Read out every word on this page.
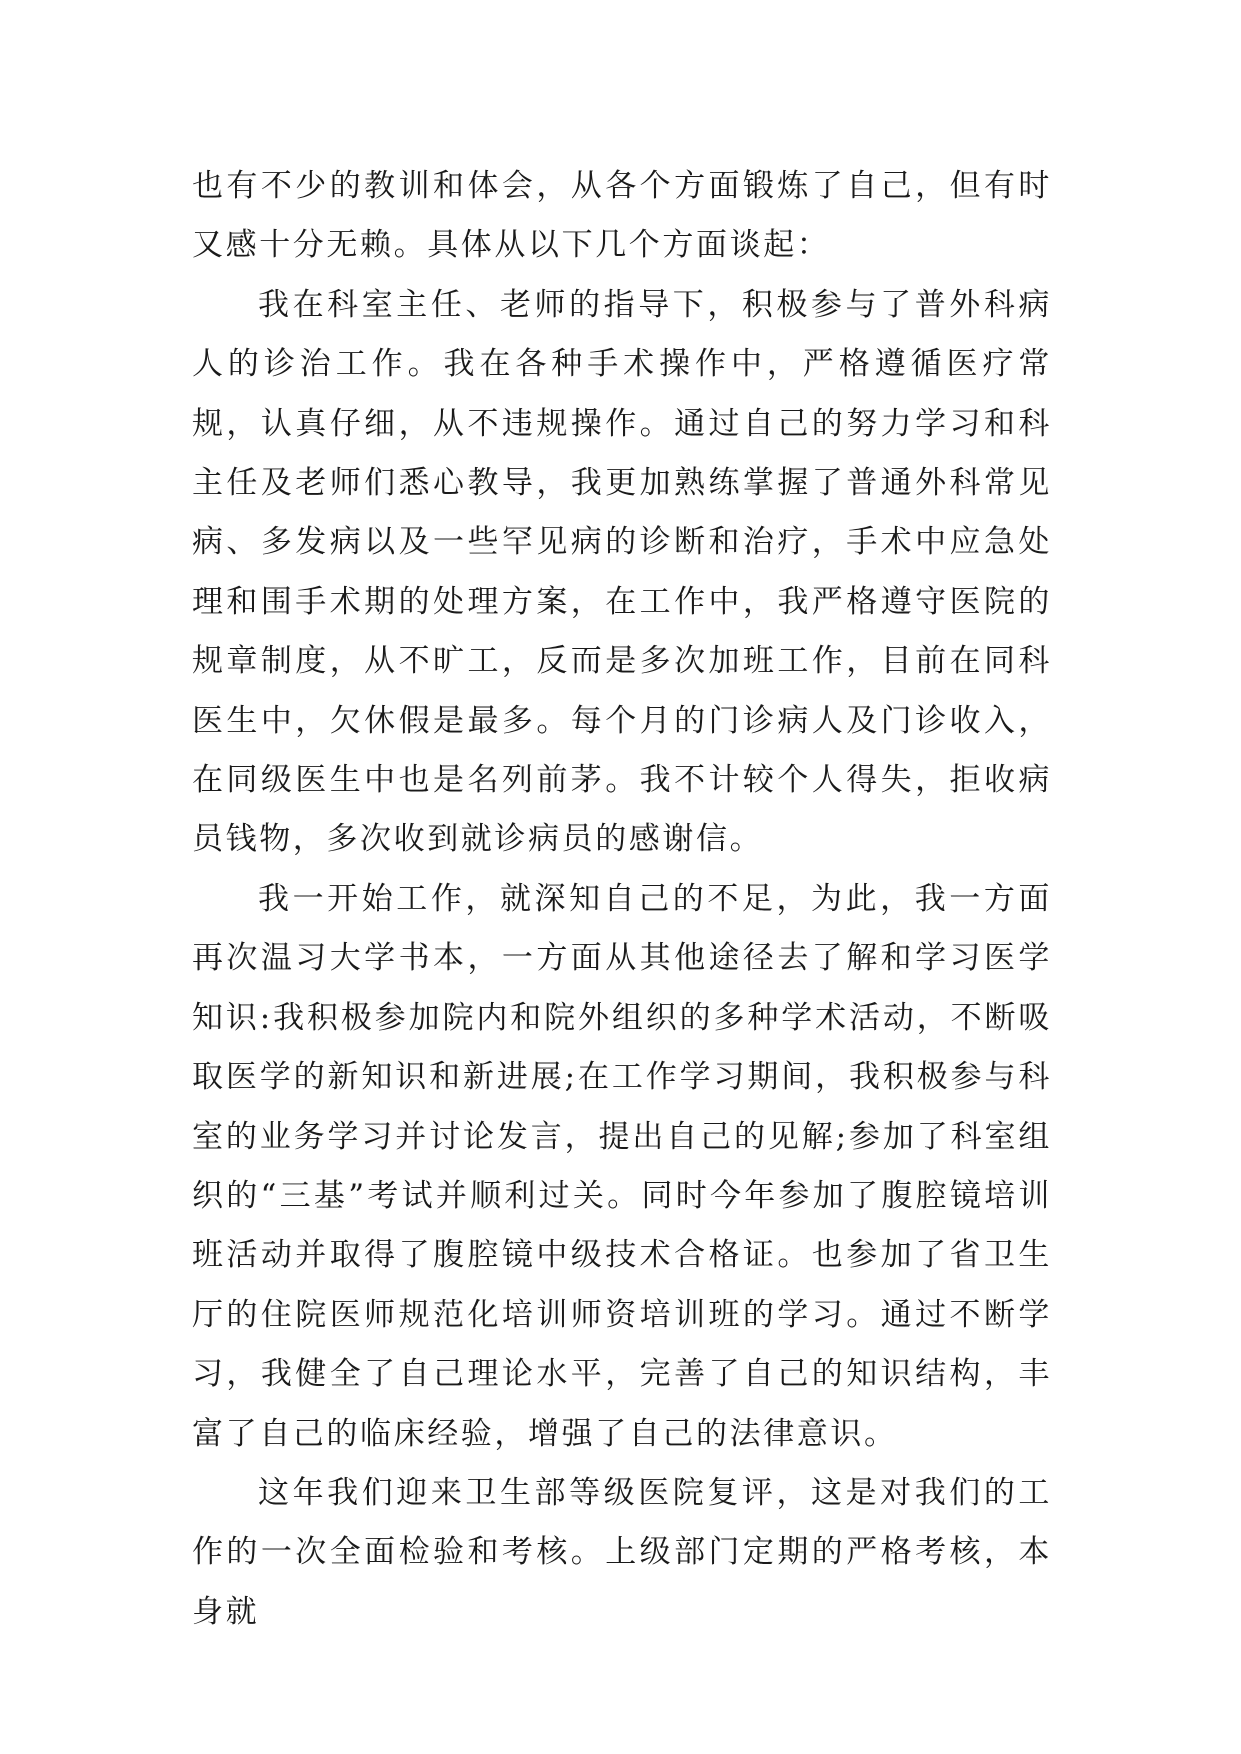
也有不少的教训和体会，从各个方面锻炼了自己，但有时又感十分无赖。具体从以下几个方面谈起：

我在科室主任、老师的指导下，积极参与了普外科病人的诊治工作。我在各种手术操作中，严格遵循医疗常规，认真仔细，从不违规操作。通过自己的努力学习和科主任及老师们悉心教导，我更加熟练掌握了普通外科常见病、多发病以及一些罕见病的诊断和治疗，手术中应急处理和围手术期的处理方案，在工作中，我严格遵守医院的规章制度，从不旷工，反而是多次加班工作，目前在同科医生中，欠休假是最多。每个月的门诊病人及门诊收入，在同级医生中也是名列前茅。我不计较个人得失，拒收病员钱物，多次收到就诊病员的感谢信。

我一开始工作，就深知自己的不足，为此，我一方面再次温习大学书本，一方面从其他途径去了解和学习医学知识:我积极参加院内和院外组织的多种学术活动，不断吸取医学的新知识和新进展;在工作学习期间，我积极参与科室的业务学习并讨论发言，提出自己的见解;参加了科室组织的“三基”考试并顺利过关。同时今年参加了腹腔镜培训班活动并取得了腹腔镜中级技术合格证。也参加了省卫生厅的住院医师规范化培训师资培训班的学习。通过不断学习，我健全了自己理论水平，完善了自己的知识结构，丰富了自己的临床经验，增强了自己的法律意识。

这年我们迎来卫生部等级医院复评，这是对我们的工作的一次全面检验和考核。上级部门定期的严格考核，本身就
